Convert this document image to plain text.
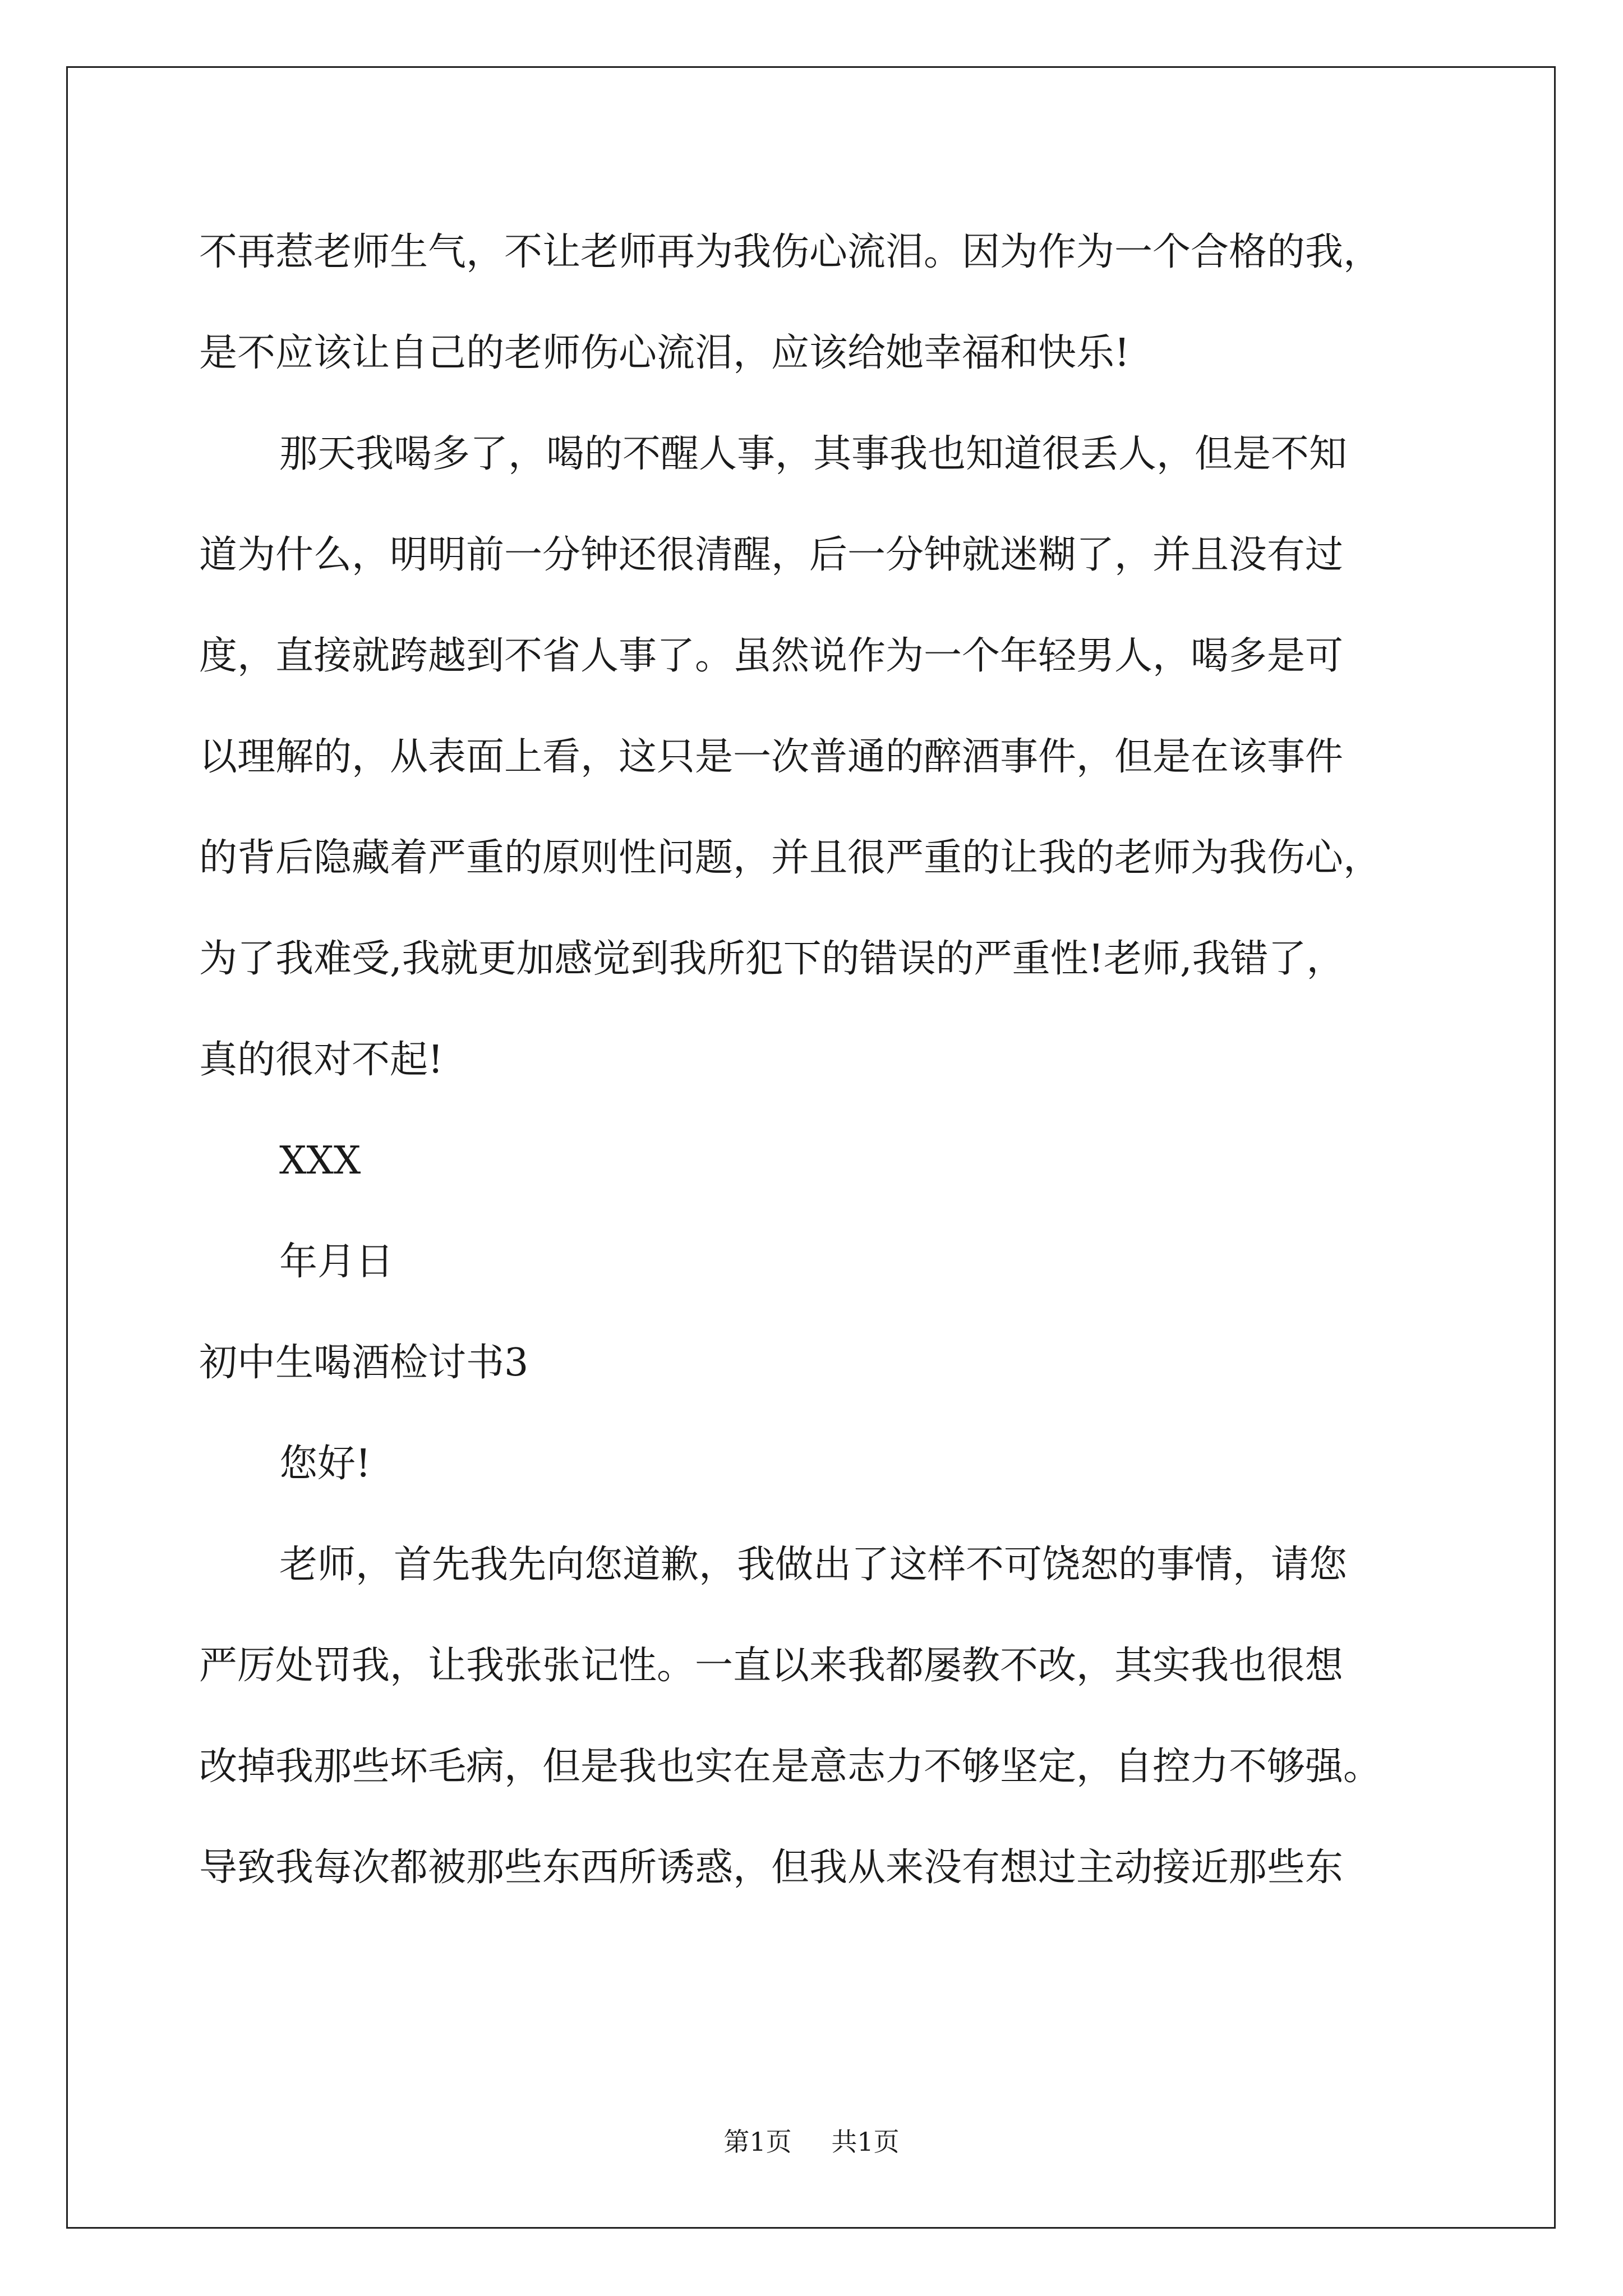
不再惹老师生气，不让老师再为我伤心流泪。因为作为一个合格的我，
是不应该让自己的老师伤心流泪，应该给她幸福和快乐!
那天我喝多了，喝的不醒人事，其事我也知道很丢人，但是不知
道为什么，明明前一分钟还很清醒，后一分钟就迷糊了，并且没有过
度，直接就跨越到不省人事了。虽然说作为一个年轻男人，喝多是可
以理解的，从表面上看，这只是一次普通的醉酒事件，但是在该事件
的背后隐藏着严重的原则性问题，并且很严重的让我的老师为我伤心，
为了我难受,我就更加感觉到我所犯下的错误的严重性!老师,我错了，
真的很对不起!
XXX
年月日
初中生喝酒检讨书3
您好!
老师，首先我先向您道歉，我做出了这样不可饶恕的事情，请您
严厉处罚我，让我张张记性。一直以来我都屡教不改，其实我也很想
改掉我那些坏毛病，但是我也实在是意志力不够坚定，自控力不够强。
导致我每次都被那些东西所诱惑，但我从来没有想过主动接近那些东
第1页 共1页
